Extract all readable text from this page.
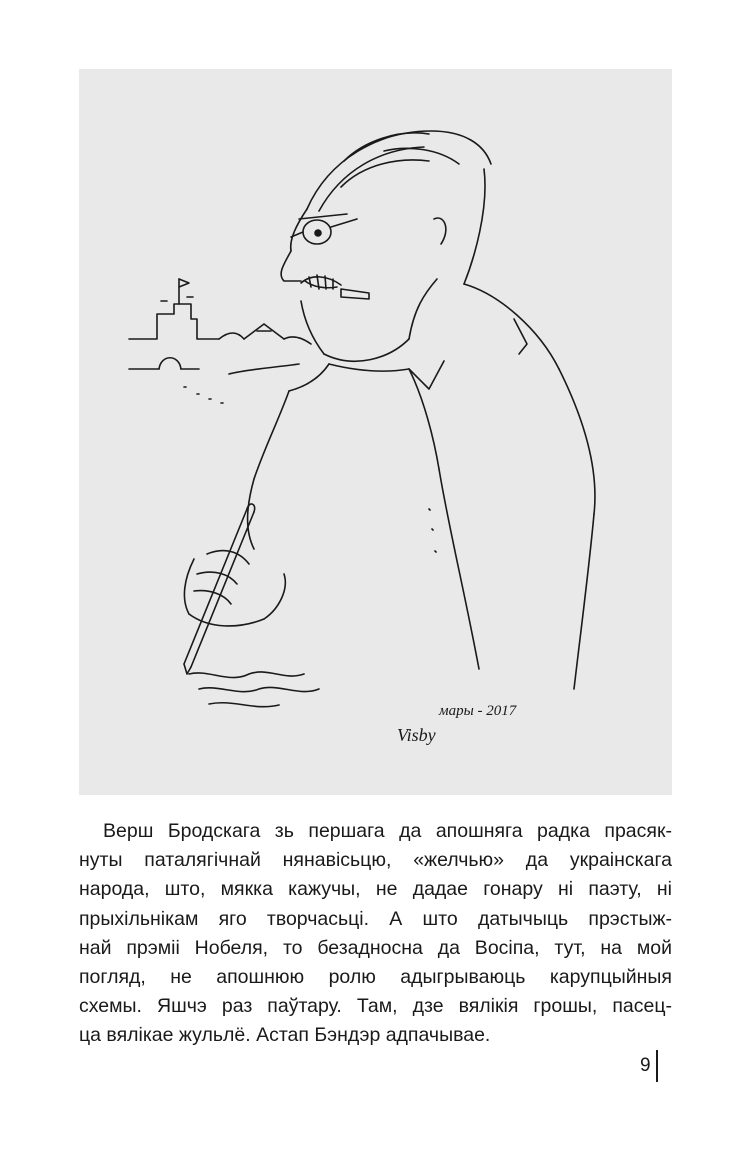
мары - 2017
Visby
Верш Бродскага зь першага да апошняга радка прасяк-
нуты паталягічнай нянавісьцю, «желчью» да украінскага
народа, што, мякка кажучы, не дадае гонару ні паэту, ні
прыхільнікам яго творчасьці. А што датычыць прэстыж-
най прэміі Нобеля, то безадносна да Восіпа, тут, на мой
погляд, не апошнюю ролю адыгрываюць карупцыйныя
схемы. Яшчэ раз паўтару. Там, дзе вялікія грошы, пасец-
ца вялікае жульлё. Астап Бэндэр адпачывае.
9
